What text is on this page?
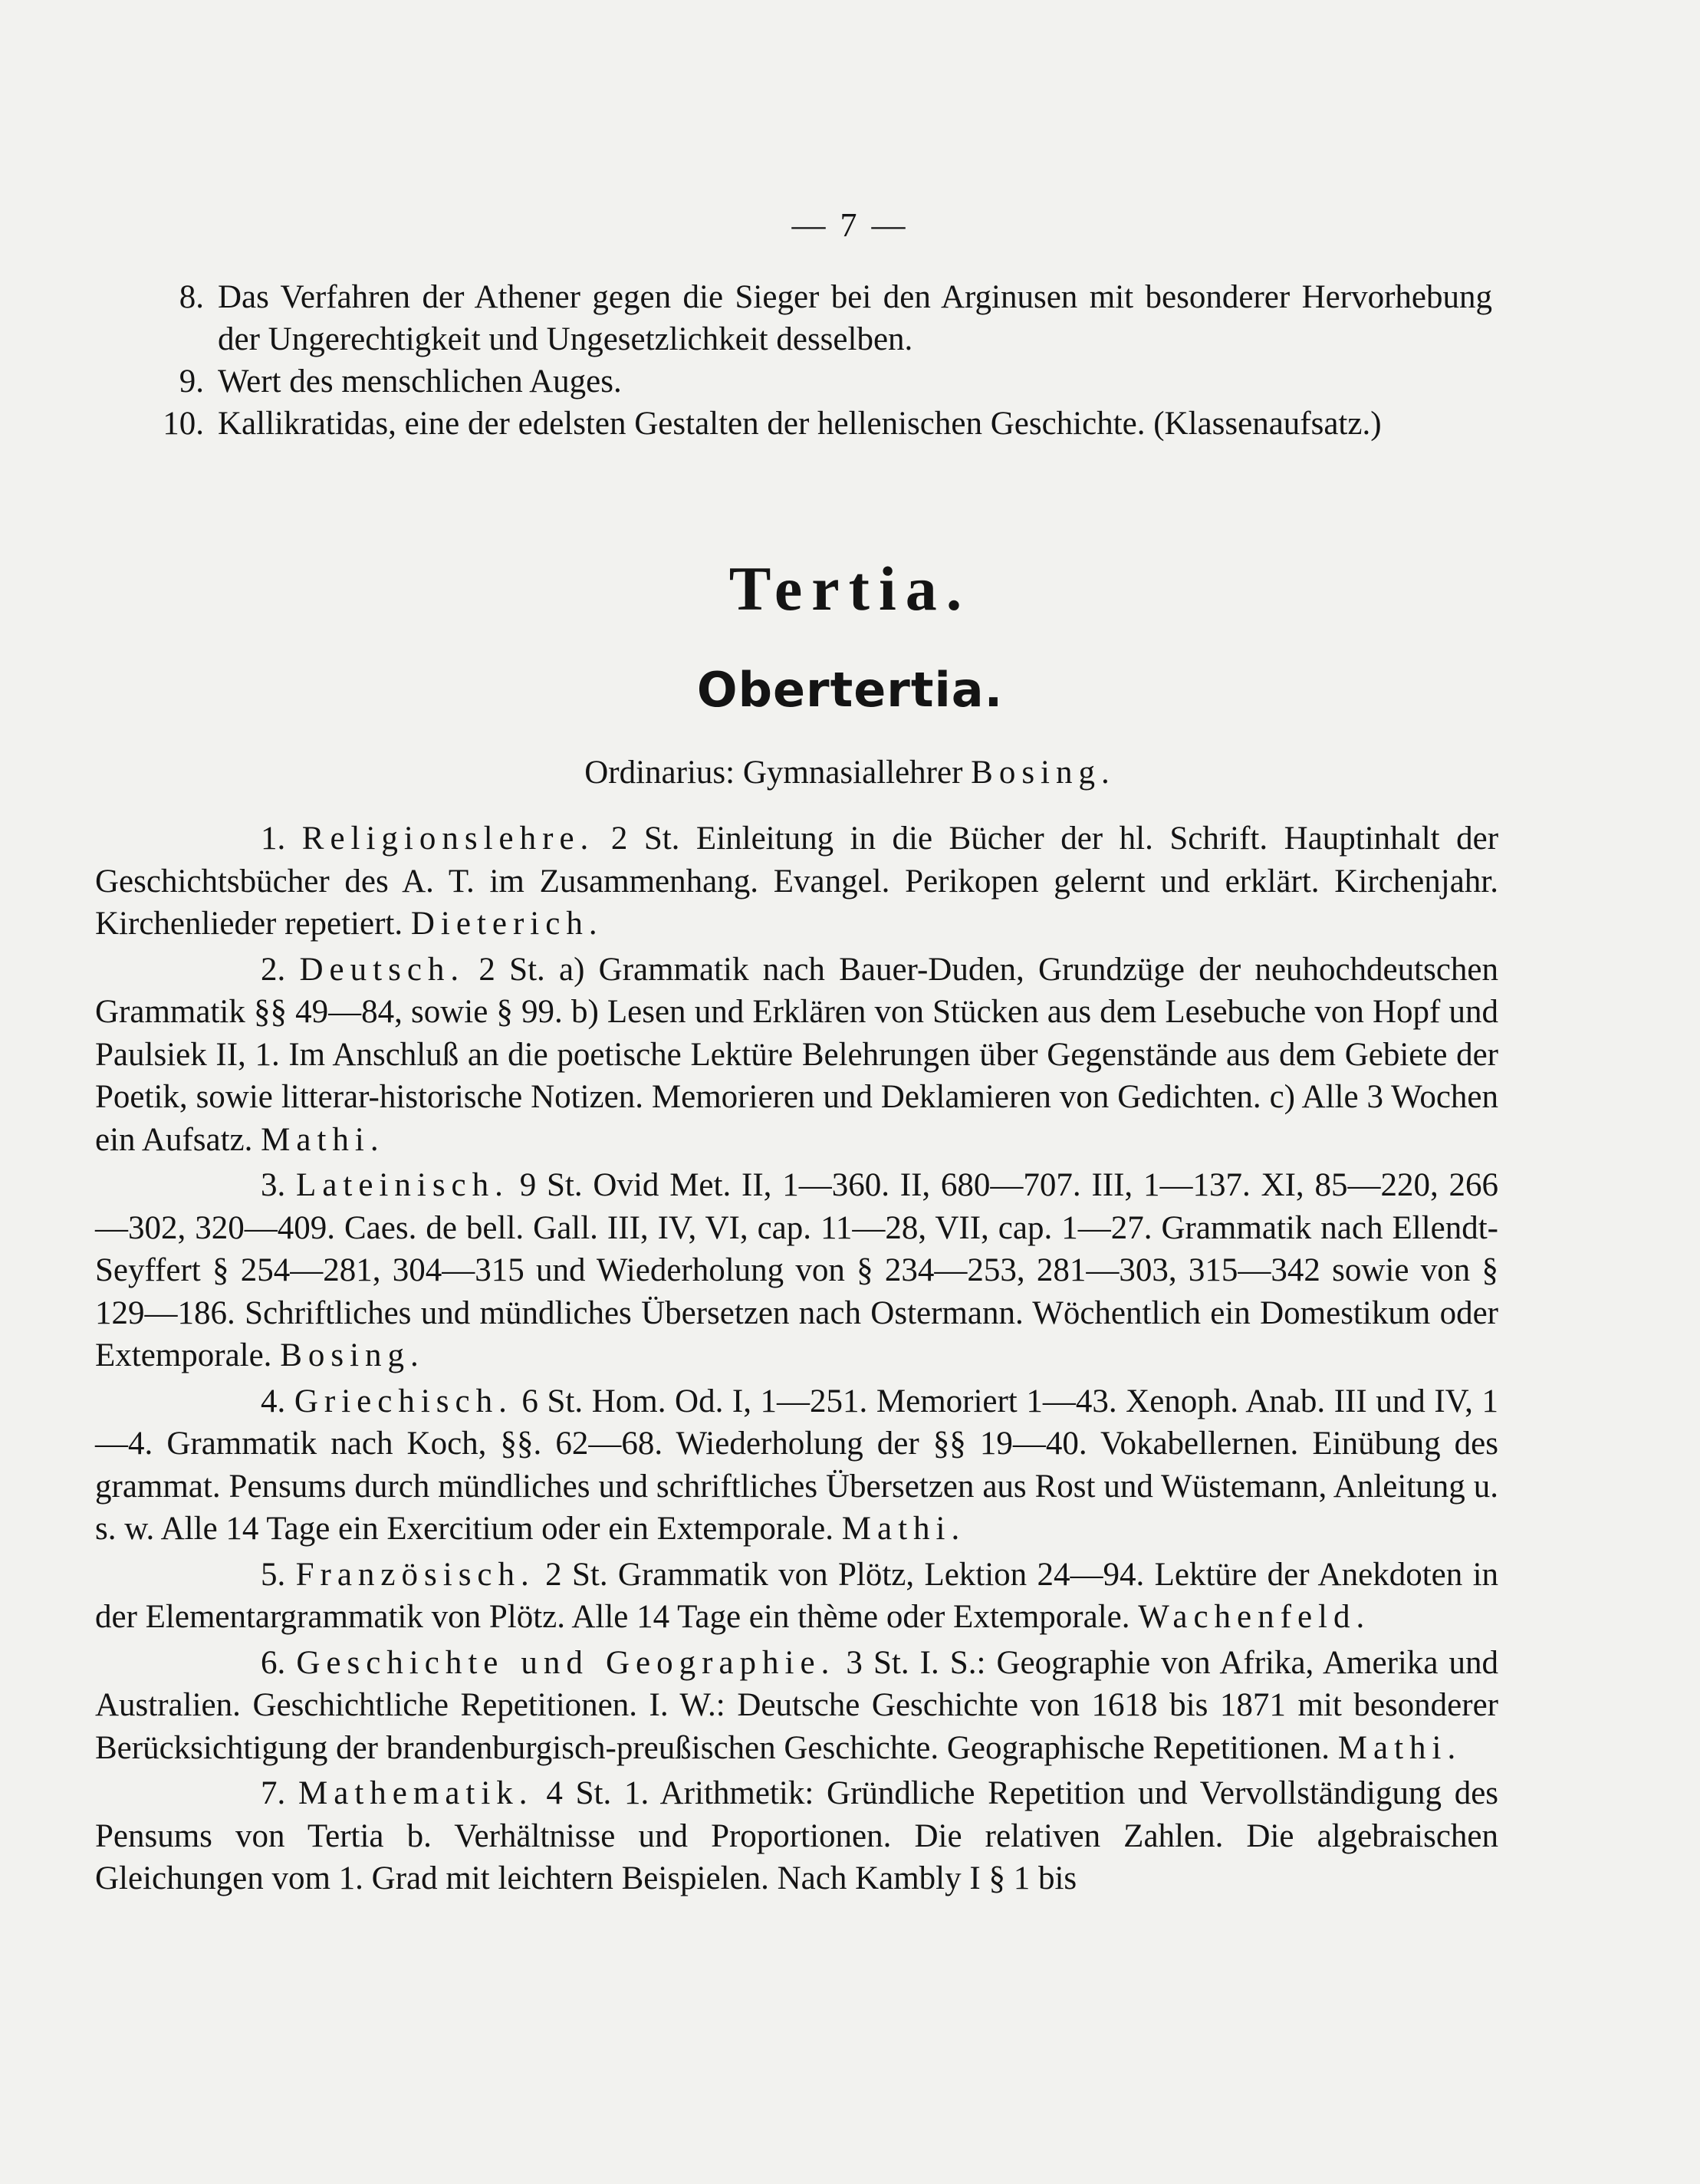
— 7 —
8. Das Verfahren der Athener gegen die Sieger bei den Arginusen mit besonderer Hervorhebung der Ungerechtigkeit und Ungesetzlichkeit desselben.
9. Wert des menschlichen Auges.
10. Kallikratidas, eine der edelsten Gestalten der hellenischen Geschichte. (Klassenaufsatz.)
Tertia.
Obertertia.
Ordinarius: Gymnasiallehrer Bosing.

1. Religionslehre. 2 St. Einleitung in die Bücher der hl. Schrift. Hauptinhalt der Geschichtsbücher des A. T. im Zusammenhang. Evangel. Perikopen gelernt und erklärt. Kirchenjahr. Kirchenlieder repetiert. Dieterich.

2. Deutsch. 2 St. a) Grammatik nach Bauer-Duden, Grundzüge der neuhochdeutschen Grammatik §§ 49—84, sowie § 99. b) Lesen und Erklären von Stücken aus dem Lesebuche von Hopf und Paulsiek II, 1. Im Anschluß an die poetische Lektüre Belehrungen über Gegenstände aus dem Gebiete der Poetik, sowie litterar-historische Notizen. Memorieren und Deklamieren von Gedichten. c) Alle 3 Wochen ein Aufsatz. Mathi.

3. Lateinisch. 9 St. Ovid Met. II, 1—360. II, 680—707. III, 1—137. XI, 85—220, 266—302, 320—409. Caes. de bell. Gall. III, IV, VI, cap. 11—28, VII, cap. 1—27. Grammatik nach Ellendt-Seyffert § 254—281, 304—315 und Wiederholung von § 234—253, 281—303, 315—342 sowie von § 129—186. Schriftliches und mündliches Übersetzen nach Ostermann. Wöchentlich ein Domestikum oder Extemporale. Bosing.

4. Griechisch. 6 St. Hom. Od. I, 1—251. Memoriert 1—43. Xenoph. Anab. III und IV, 1—4. Grammatik nach Koch, §§. 62—68. Wiederholung der §§ 19—40. Vokabellernen. Einübung des grammat. Pensums durch mündliches und schriftliches Übersetzen aus Rost und Wüstemann, Anleitung u. s. w. Alle 14 Tage ein Exercitium oder ein Extemporale. Mathi.

5. Französisch. 2 St. Grammatik von Plötz, Lektion 24—94. Lektüre der Anekdoten in der Elementargrammatik von Plötz. Alle 14 Tage ein thème oder Extemporale. Wachenfeld.

6. Geschichte und Geographie. 3 St. I. S.: Geographie von Afrika, Amerika und Australien. Geschichtliche Repetitionen. I. W.: Deutsche Geschichte von 1618 bis 1871 mit besonderer Berücksichtigung der brandenburgisch-preußischen Geschichte. Geographische Repetitionen. Mathi.

7. Mathematik. 4 St. 1. Arithmetik: Gründliche Repetition und Vervollständigung des Pensums von Tertia b. Verhältnisse und Proportionen. Die relativen Zahlen. Die algebraischen Gleichungen vom 1. Grad mit leichtern Beispielen. Nach Kambly I § 1 bis
